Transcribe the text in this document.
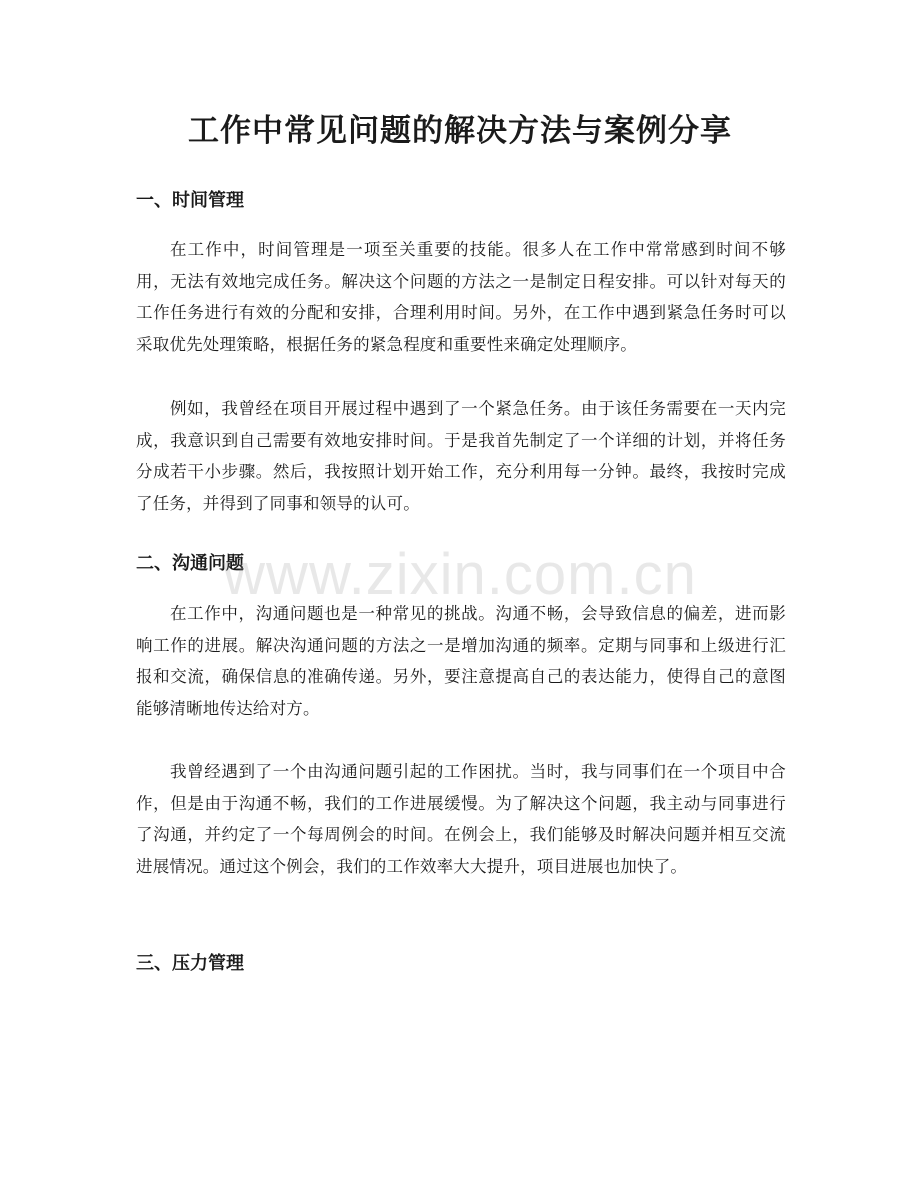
工作中常见问题的解决方法与案例分享
一、时间管理

在工作中，时间管理是一项至关重要的技能。很多人在工作中常常感到时间不够用，无法有效地完成任务。解决这个问题的方法之一是制定日程安排。可以针对每天的工作任务进行有效的分配和安排，合理利用时间。另外，在工作中遇到紧急任务时可以采取优先处理策略，根据任务的紧急程度和重要性来确定处理顺序。

例如，我曾经在项目开展过程中遇到了一个紧急任务。由于该任务需要在一天内完成，我意识到自己需要有效地安排时间。于是我首先制定了一个详细的计划，并将任务分成若干小步骤。然后，我按照计划开始工作，充分利用每一分钟。最终，我按时完成了任务，并得到了同事和领导的认可。

二、沟通问题

在工作中，沟通问题也是一种常见的挑战。沟通不畅，会导致信息的偏差，进而影响工作的进展。解决沟通问题的方法之一是增加沟通的频率。定期与同事和上级进行汇报和交流，确保信息的准确传递。另外，要注意提高自己的表达能力，使得自己的意图能够清晰地传达给对方。

我曾经遇到了一个由沟通问题引起的工作困扰。当时，我与同事们在一个项目中合作，但是由于沟通不畅，我们的工作进展缓慢。为了解决这个问题，我主动与同事进行了沟通，并约定了一个每周例会的时间。在例会上，我们能够及时解决问题并相互交流进展情况。通过这个例会，我们的工作效率大大提升，项目进展也加快了。

三、压力管理
www.zixin.com.cn
